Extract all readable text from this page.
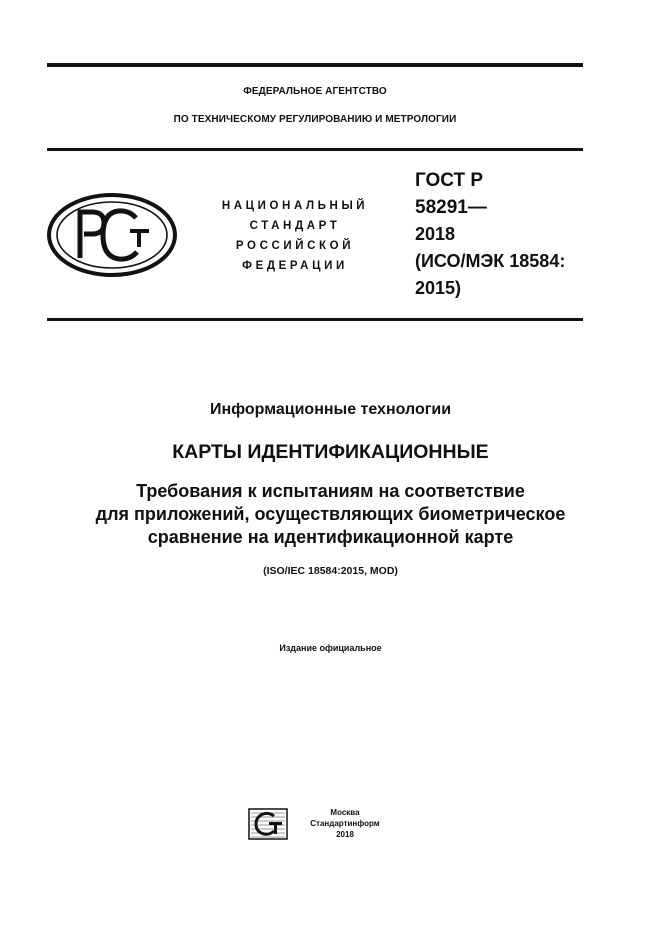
ФЕДЕРАЛЬНОЕ АГЕНТСТВО
ПО ТЕХНИЧЕСКОМУ РЕГУЛИРОВАНИЮ И МЕТРОЛОГИИ
НАЦИОНАЛЬНЫЙ
СТАНДАРТ
РОССИЙСКОЙ
ФЕДЕРАЦИИ
ГОСТ Р
58291—
2018
(ИСО/МЭК 18584:
2015)
Информационные технологии
КАРТЫ ИДЕНТИФИКАЦИОННЫЕ
Требования к испытаниям на соответствие
для приложений, осуществляющих биометрическое
сравнение на идентификационной карте
(ISO/IEC 18584:2015, MOD)
Издание официальное
Москва
Стандартинформ
2018
